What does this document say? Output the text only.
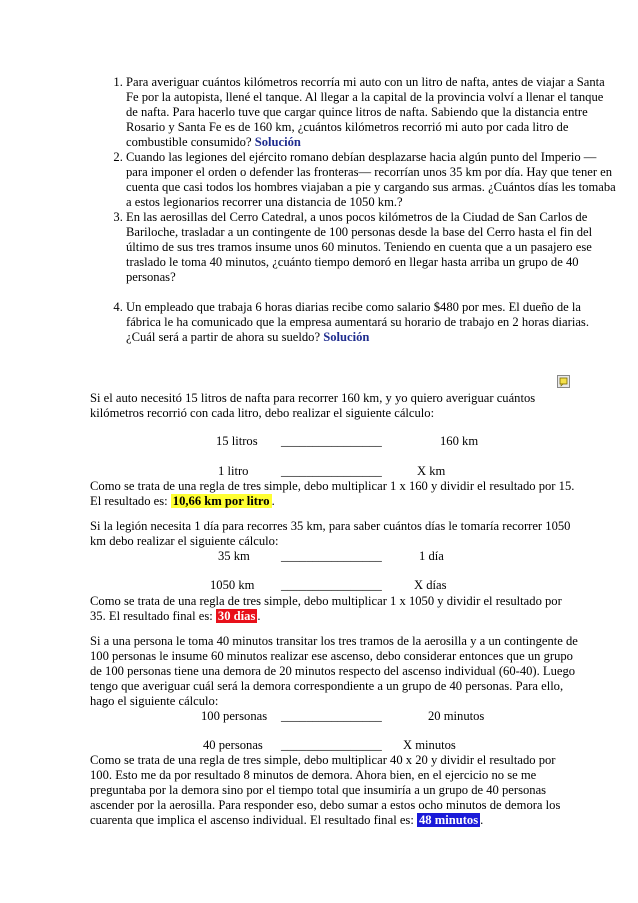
1. Para averiguar cuántos kilómetros recorría mi auto con un litro de nafta, antes de viajar a Santa Fe por la autopista, llené el tanque. Al llegar a la capital de la provincia volví a llenar el tanque de nafta. Para hacerlo tuve que cargar quince litros de nafta. Sabiendo que la distancia entre Rosario y Santa Fe es de 160 km, ¿cuántos kilómetros recorrió mi auto por cada litro de combustible consumido? Solución
2. Cuando las legiones del ejército romano debían desplazarse hacia algún punto del Imperio —para imponer el orden o defender las fronteras— recorrían unos 35 km por día. Hay que tener en cuenta que casi todos los hombres viajaban a pie y cargando sus armas. ¿Cuántos días les tomaba a estos legionarios recorrer una distancia de 1050 km.?
3. En las aerosillas del Cerro Catedral, a unos pocos kilómetros de la Ciudad de San Carlos de Bariloche, trasladar a un contingente de 100 personas desde la base del Cerro hasta el fin del último de sus tres tramos insume unos 60 minutos. Teniendo en cuenta que a un pasajero ese traslado le toma 40 minutos, ¿cuánto tiempo demoró en llegar hasta arriba un grupo de 40 personas?
4. Un empleado que trabaja 6 horas diarias recibe como salario $480 por mes. El dueño de la fábrica le ha comunicado que la empresa aumentará su horario de trabajo en 2 horas diarias. ¿Cuál será a partir de ahora su sueldo? Solución

Si el auto necesitó 15 litros de nafta para recorrer 160 km, y yo quiero averiguar cuántos kilómetros recorrió con cada litro, debo realizar el siguiente cálculo:

15 litros ________________	160 km
1 litro	________________	X km

Como se trata de una regla de tres simple, debo multiplicar 1 x 160 y dividir el resultado por 15. El resultado es: 10,66 km por litro .

Si la legión necesita 1 día para recorres 35 km, para saber cuántos días le tomaría recorrer 1050 km debo realizar el siguiente cálculo:

35 km ________________	1 día
1050 km ________________	X días

Como se trata de una regla de tres simple, debo multiplicar 1 x 1050 y dividir el resultado por 35. El resultado final es: 30 días .

Si a una persona le toma 40 minutos transitar los tres tramos de la aerosilla y a un contingente de 100 personas le insume 60 minutos realizar ese ascenso, debo considerar entonces que un grupo de 100 personas tiene una demora de 20 minutos respecto del ascenso individual (60-40). Luego tengo que averiguar cuál será la demora correspondiente a un grupo de 40 personas. Para ello, hago el siguiente cálculo:

100 personas ________________	20 minutos
40 personas ________________ X minutos

Como se trata de una regla de tres simple, debo multiplicar 40 x 20 y dividir el resultado por 100. Esto me da por resultado 8 minutos de demora. Ahora bien, en el ejercicio no se me preguntaba por la demora sino por el tiempo total que insumiría a un grupo de 40 personas ascender por la aerosilla. Para responder eso, debo sumar a estos ocho minutos de demora los cuarenta que implica el ascenso individual. El resultado final es: 48 minutos .
